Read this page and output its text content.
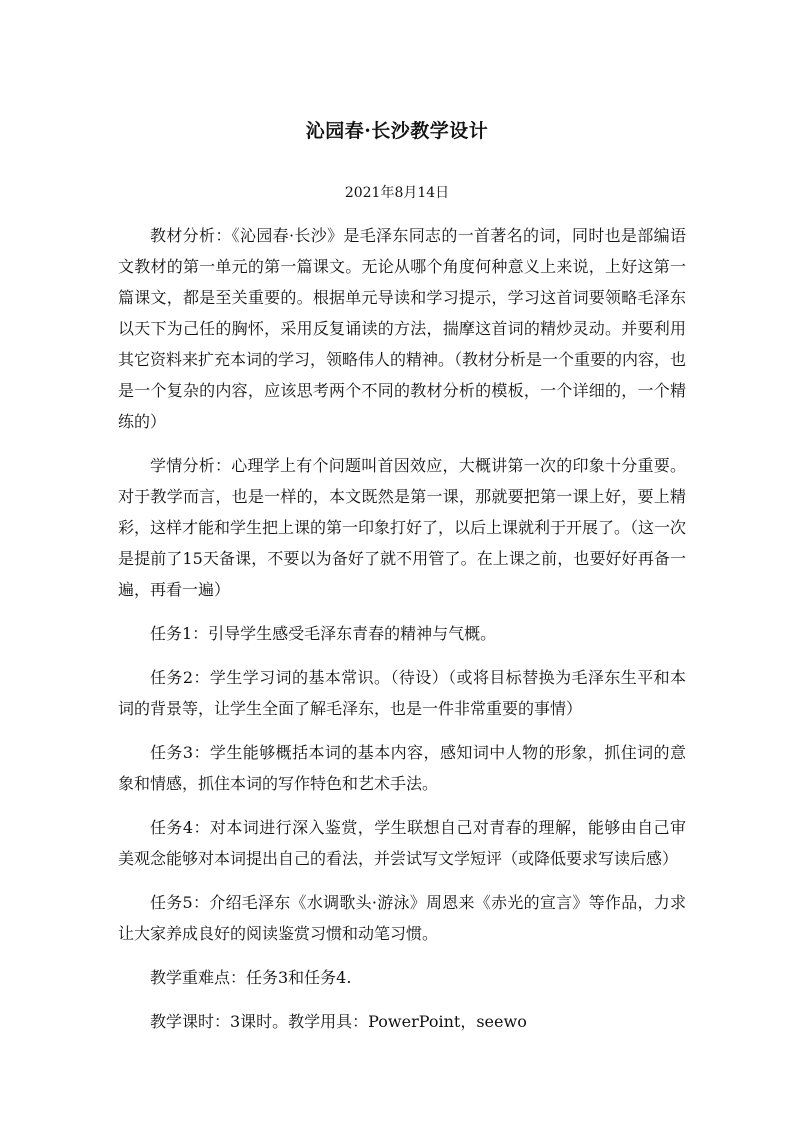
沁园春·长沙教学设计
2021年8月14日

教材分析：《沁园春·长沙》是毛泽东同志的一首著名的词，同时也是部编语文教材的第一单元的第一篇课文。无论从哪个角度何种意义上来说，上好这第一篇课文，都是至关重要的。根据单元导读和学习提示，学习这首词要领略毛泽东以天下为己任的胸怀，采用反复诵读的方法，揣摩这首词的精炒灵动。并要利用其它资料来扩充本词的学习，领略伟人的精神。（教材分析是一个重要的内容，也是一个复杂的内容，应该思考两个不同的教材分析的模板，一个详细的，一个精练的）

学情分析：心理学上有个问题叫首因效应，大概讲第一次的印象十分重要。对于教学而言，也是一样的，本文既然是第一课，那就要把第一课上好，要上精彩，这样才能和学生把上课的第一印象打好了，以后上课就利于开展了。（这一次是提前了15天备课，不要以为备好了就不用管了。在上课之前，也要好好再备一遍，再看一遍）

任务1：引导学生感受毛泽东青春的精神与气概。

任务2：学生学习词的基本常识。（待设）（或将目标替换为毛泽东生平和本词的背景等，让学生全面了解毛泽东，也是一件非常重要的事情）

任务3：学生能够概括本词的基本内容，感知词中人物的形象，抓住词的意象和情感，抓住本词的写作特色和艺术手法。

任务4：对本词进行深入鉴赏，学生联想自己对青春的理解，能够由自己审美观念能够对本词提出自己的看法，并尝试写文学短评（或降低要求写读后感）

任务5：介绍毛泽东《水调歌头·游泳》周恩来《赤光的宣言》等作品，力求让大家养成良好的阅读鉴赏习惯和动笔习惯。

教学重难点：任务3和任务4.

教学课时：3课时。教学用具：PowerPoint，seewo
